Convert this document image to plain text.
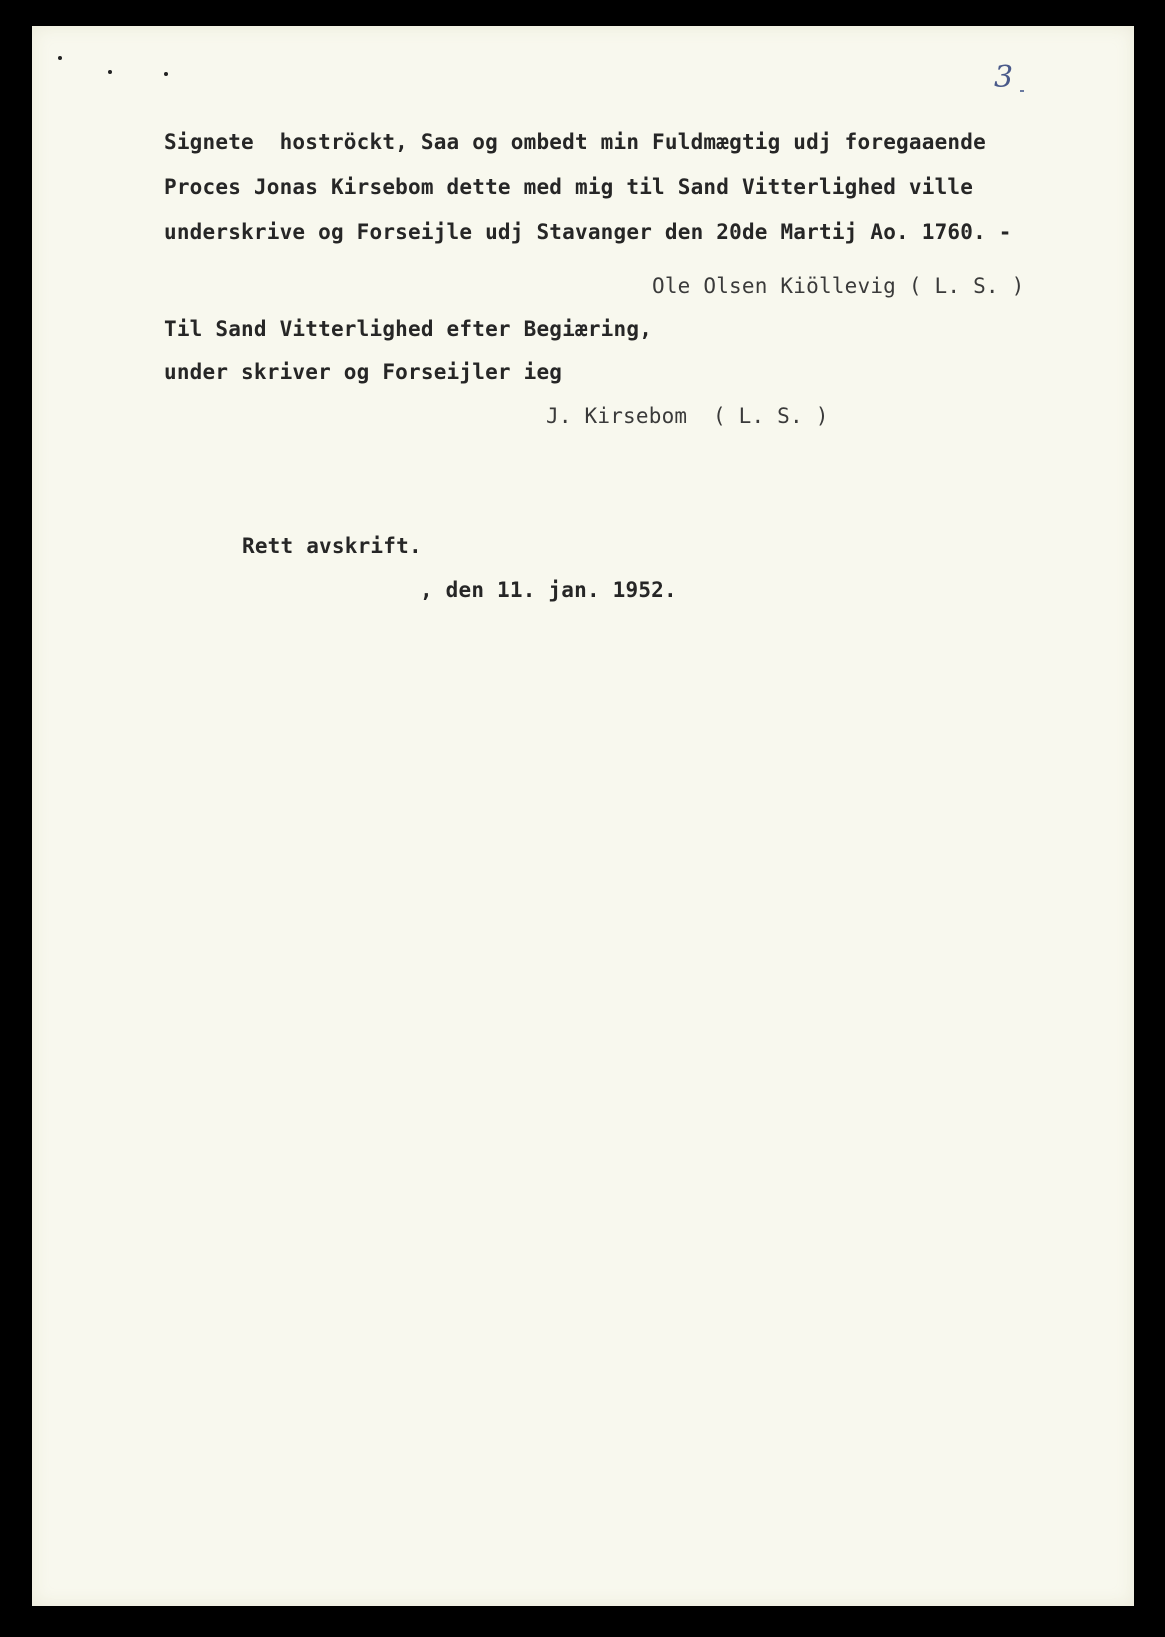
3
Signete  hoströckt, Saa og ombedt min Fuldmægtig udj foregaaende
Proces Jonas Kirsebom dette med mig til Sand Vitterlighed ville
underskrive og Forseijle udj Stavanger den 20de Martij Ao. 1760. -
Ole Olsen Kiöllevig ( L. S. )
Til Sand Vitterlighed efter Begiæring,
under skriver og Forseijler ieg
J. Kirsebom  ( L. S. )
Rett avskrift.
, den 11. jan. 1952.
